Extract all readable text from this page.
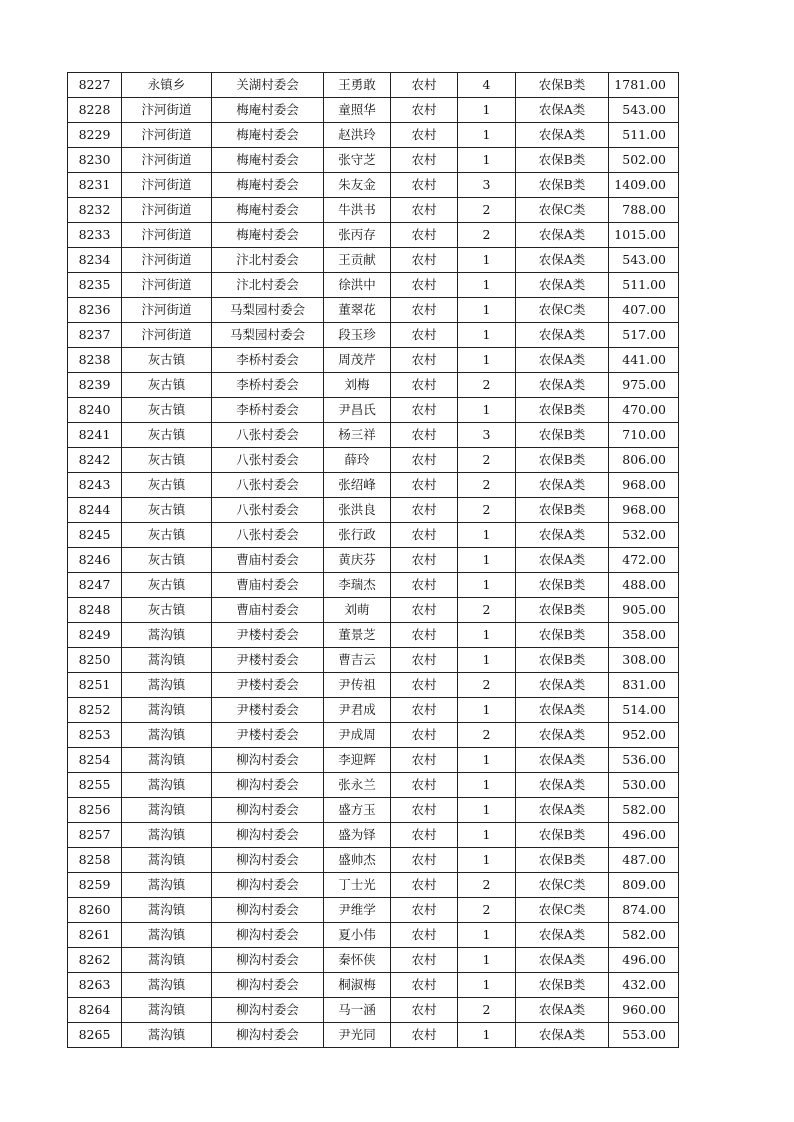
8227	永镇乡	关湖村委会	王勇敢	农村	4	农保B类	1781.00
8228	汴河街道	梅庵村委会	童照华	农村	1	农保A类	543.00
8229	汴河街道	梅庵村委会	赵洪玲	农村	1	农保A类	511.00
8230	汴河街道	梅庵村委会	张守芝	农村	1	农保B类	502.00
8231	汴河街道	梅庵村委会	朱友金	农村	3	农保B类	1409.00
8232	汴河街道	梅庵村委会	牛洪书	农村	2	农保C类	788.00
8233	汴河街道	梅庵村委会	张丙存	农村	2	农保A类	1015.00
8234	汴河街道	汴北村委会	王贡献	农村	1	农保A类	543.00
8235	汴河街道	汴北村委会	徐洪中	农村	1	农保A类	511.00
8236	汴河街道	马梨园村委会	董翠花	农村	1	农保C类	407.00
8237	汴河街道	马梨园村委会	段玉珍	农村	1	农保A类	517.00
8238	灰古镇	李桥村委会	周茂芹	农村	1	农保A类	441.00
8239	灰古镇	李桥村委会	刘梅	农村	2	农保A类	975.00
8240	灰古镇	李桥村委会	尹昌氏	农村	1	农保B类	470.00
8241	灰古镇	八张村委会	杨三祥	农村	3	农保B类	710.00
8242	灰古镇	八张村委会	薛玲	农村	2	农保B类	806.00
8243	灰古镇	八张村委会	张绍峰	农村	2	农保A类	968.00
8244	灰古镇	八张村委会	张洪良	农村	2	农保B类	968.00
8245	灰古镇	八张村委会	张行政	农村	1	农保A类	532.00
8246	灰古镇	曹庙村委会	黄庆芬	农村	1	农保A类	472.00
8247	灰古镇	曹庙村委会	李瑞杰	农村	1	农保B类	488.00
8248	灰古镇	曹庙村委会	刘萌	农村	2	农保B类	905.00
8249	蒿沟镇	尹楼村委会	董景芝	农村	1	农保B类	358.00
8250	蒿沟镇	尹楼村委会	曹吉云	农村	1	农保B类	308.00
8251	蒿沟镇	尹楼村委会	尹传祖	农村	2	农保A类	831.00
8252	蒿沟镇	尹楼村委会	尹君成	农村	1	农保A类	514.00
8253	蒿沟镇	尹楼村委会	尹成周	农村	2	农保A类	952.00
8254	蒿沟镇	柳沟村委会	李迎辉	农村	1	农保A类	536.00
8255	蒿沟镇	柳沟村委会	张永兰	农村	1	农保A类	530.00
8256	蒿沟镇	柳沟村委会	盛方玉	农村	1	农保A类	582.00
8257	蒿沟镇	柳沟村委会	盛为铎	农村	1	农保B类	496.00
8258	蒿沟镇	柳沟村委会	盛帅杰	农村	1	农保B类	487.00
8259	蒿沟镇	柳沟村委会	丁士光	农村	2	农保C类	809.00
8260	蒿沟镇	柳沟村委会	尹维学	农村	2	农保C类	874.00
8261	蒿沟镇	柳沟村委会	夏小伟	农村	1	农保A类	582.00
8262	蒿沟镇	柳沟村委会	秦怀侠	农村	1	农保A类	496.00
8263	蒿沟镇	柳沟村委会	桐淑梅	农村	1	农保B类	432.00
8264	蒿沟镇	柳沟村委会	马一涵	农村	2	农保A类	960.00
8265	蒿沟镇	柳沟村委会	尹光同	农村	1	农保A类	553.00
